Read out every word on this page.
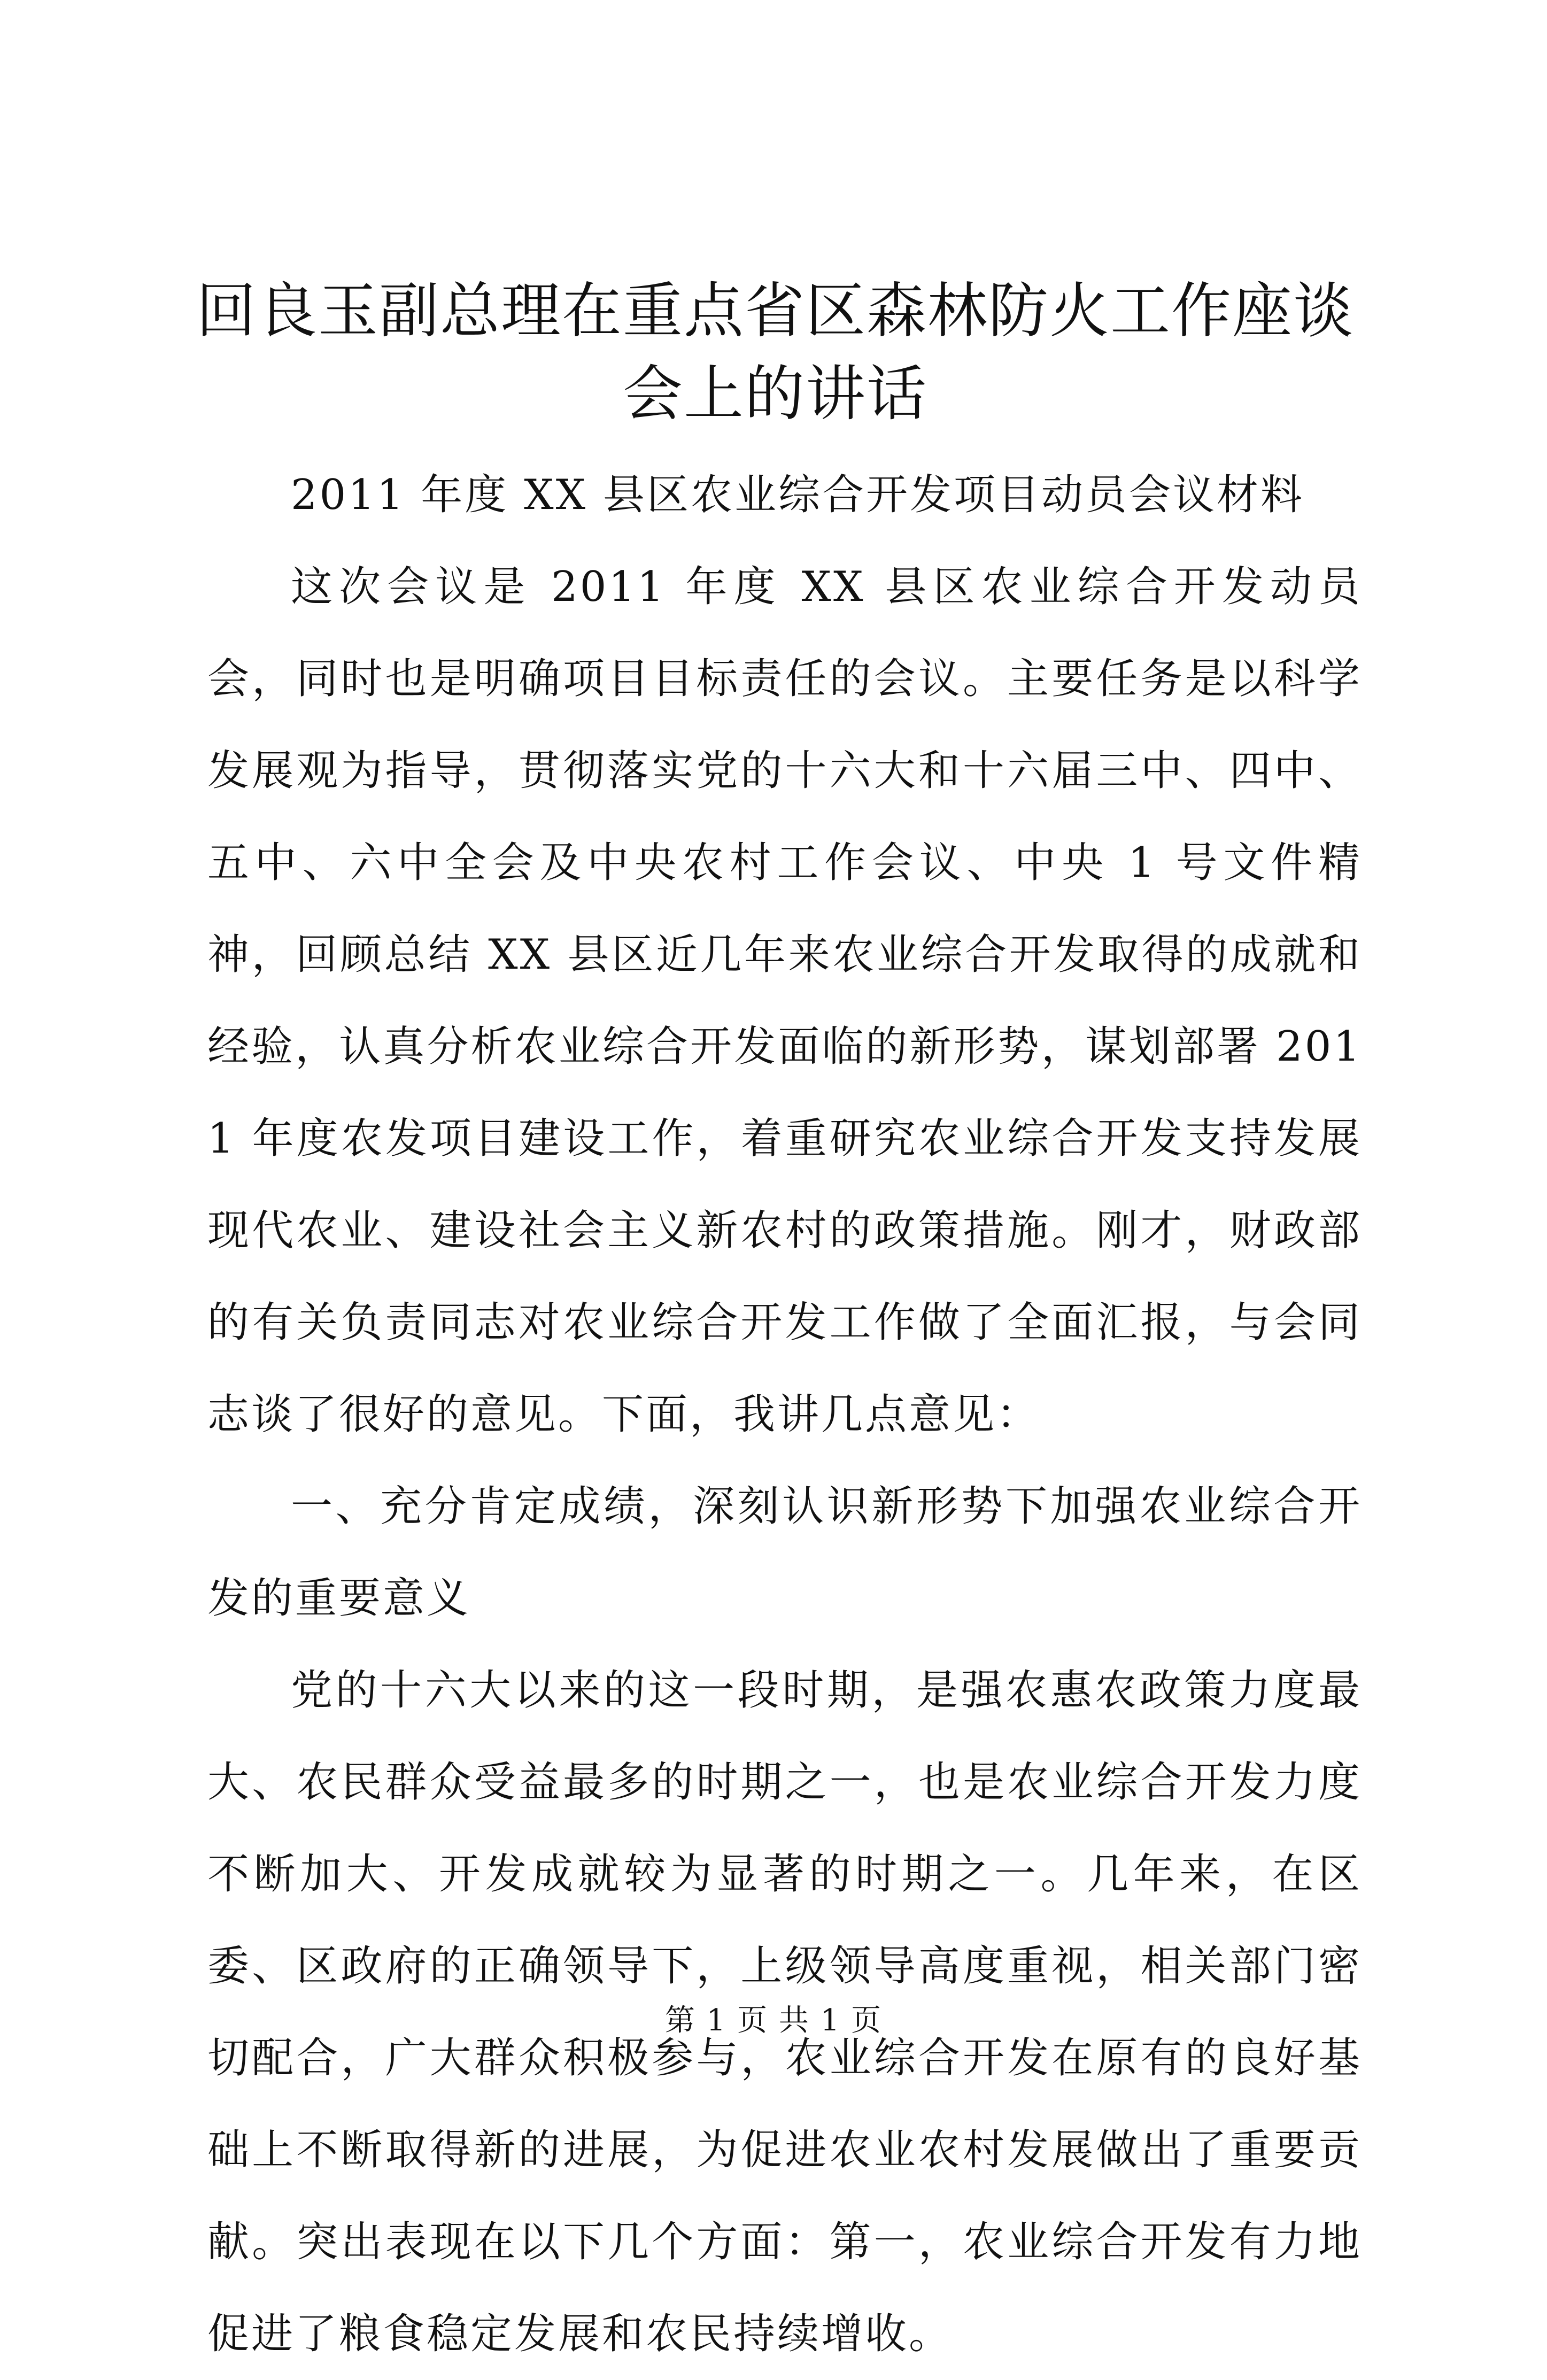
回良玉副总理在重点省区森林防火工作座谈会上的讲话

2011 年度 XX 县区农业综合开发项目动员会议材料

这次会议是 2011 年度 XX 县区农业综合开发动员会，同时也是明确项目目标责任的会议。主要任务是以科学发展观为指导，贯彻落实党的十六大和十六届三中、四中、五中、六中全会及中央农村工作会议、中央 1 号文件精神，回顾总结 XX 县区近几年来农业综合开发取得的成就和经验，认真分析农业综合开发面临的新形势，谋划部署 2011 年度农发项目建设工作，着重研究农业综合开发支持发展现代农业、建设社会主义新农村的政策措施。刚才，财政部的有关负责同志对农业综合开发工作做了全面汇报，与会同志谈了很好的意见。下面，我讲几点意见：

一、充分肯定成绩，深刻认识新形势下加强农业综合开发的重要意义

党的十六大以来的这一段时期，是强农惠农政策力度最大、农民群众受益最多的时期之一，也是农业综合开发力度不断加大、开发成就较为显著的时期之一。几年来，在区委、区政府的正确领导下，上级领导高度重视，相关部门密切配合，广大群众积极参与，农业综合开发在原有的良好基础上不断取得新的进展，为促进农业农村发展做出了重要贡献。突出表现在以下几个方面：第一，农业综合开发有力地促进了粮食稳定发展和农民持续增收。

第 1 页 共 1 页
